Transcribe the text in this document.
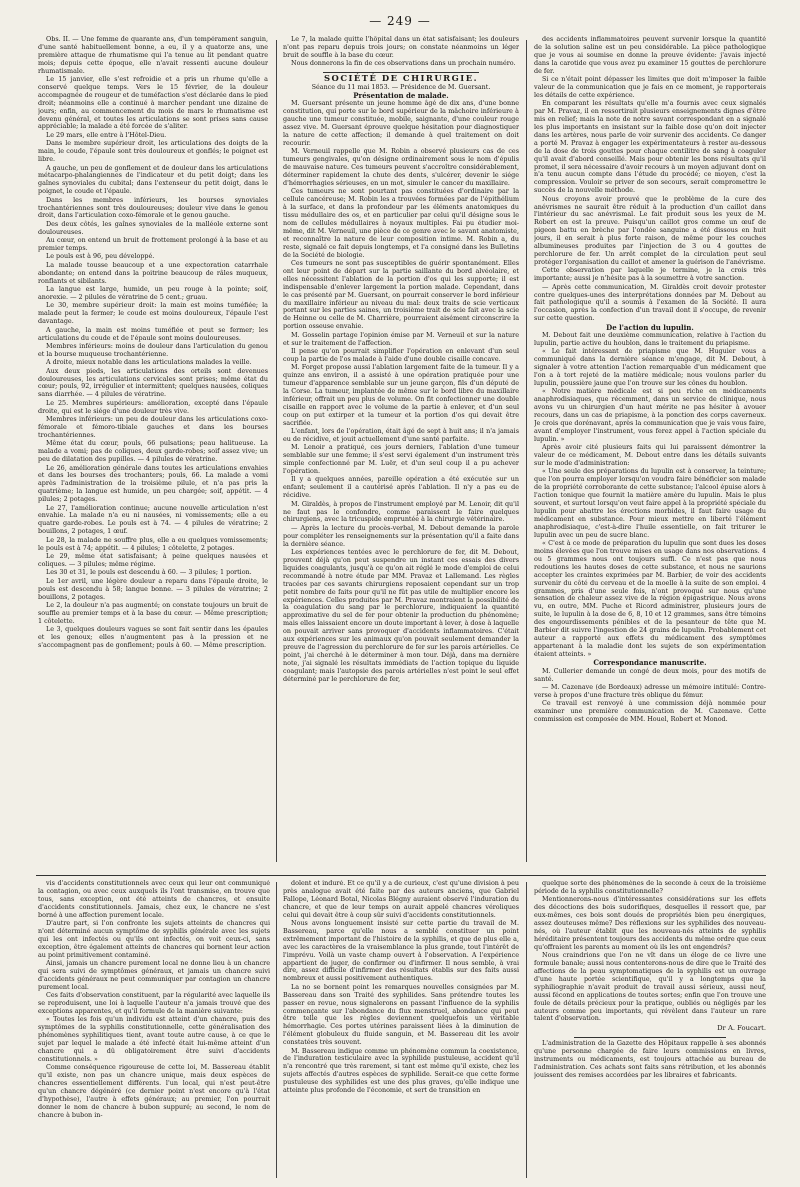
— 249 —

Obs. II. — Une femme de quarante ans, d'un tempérament sanguin, d'une santé habituellement bonne, a eu, il y a quatorze ans, une première attaque de rhumatisme qui l'a tenue au lit pendant quatre mois; depuis cette époque, elle n'avait ressenti aucune douleur rhumatismale.

Le 15 janvier, elle s'est refroidie et a pris un rhume qu'elle a conservé quelque temps. Vers le 15 février, de la douleur accompagnée de rougeur et de tuméfaction s'est déclarée dans le pied droit; néanmoins elle a continué à marcher pendant une dizaine de jours; enfin, au commencement du mois de mars le rhumatisme est devenu général, et toutes les articulations se sont prises sans cause appréciable; la malade a été forcée de s'aliter.

Le 29 mars, elle entre à l'Hôtel-Dieu.

Dans le membre supérieur droit, les articulations des doigts de la main, le coude, l'épaule sont très douloureux et gonflés; le poignet est libre.

A gauche, un peu de gonflement et de douleur dans les articulations métacarpo-phalangiennes de l'indicateur et du petit doigt; dans les gaînes synoviales du cubital; dans l'extenseur du petit doigt, dans le poignet, le coude et l'épaule.

Dans les membres inférieurs, les bourses synoviales trochantériennes sont très douloureuses; douleur vive dans le genou droit, dans l'articulation coxo-fémorale et le genou gauche.

Des deux côtés, les gaînes synoviales de la malléole externe sont douloureuses.

Au cœur, on entend un bruit de frottement prolongé à la base et au premier temps.

Le pouls est à 96, peu développé.

La malade tousse beaucoup et a une expectoration catarrhale abondante; on entend dans la poitrine beaucoup de râles muqueux, ronflants et sibilants.

La langue est large, humide, un peu rouge à la pointe; soif, anorexie. — 2 pilules de vératrine de 5 cent.; gruau.

Le 30, membre supérieur droit: la main est moins tuméfiée; la malade peut la fermer; le coude est moins douloureux, l'épaule l'est davantage.

A gauche, la main est moins tuméfiée et peut se fermer; les articulations du coude et de l'épaule sont moins douloureuses.

Membres inférieurs: moins de douleur dans l'articulation du genou et la bourse muqueuse trochantérienne.

A droite, mieux notable dans les articulations malades la veille.

Aux deux pieds, les articulations des orteils sont devenues douloureuses, les articulations cervicales sont prises; même état du cœur; pouls, 92, irrégulier et intermittent; quelques nausées, coliques sans diarrhée. — 4 pilules de vératrine.

Le 25. Membres supérieurs: amélioration, excepté dans l'épaule droite, qui est le siége d'une douleur très vive.

Membres inférieurs: un peu de douleur dans les articulations coxo-fémorale et fémoro-tibiale gauches et dans les bourses trochantériennes.

Même état du cœur, pouls, 66 pulsations; peau halitueuse. La malade a vomi; pas de coliques, deux garde-robes; soif assez vive; un peu de dilatation des pupilles. — 4 pilules de vératrine.

Le 26, amélioration générale dans toutes les articulations envahies et dans les bourses des trochanters; pouls, 66. La malade a vomi après l'administration de la troisième pilule, et n'a pas pris la quatrième; la langue est humide, un peu chargée; soif, appétit. — 4 pilules; 2 potages.

Le 27, l'amélioration continue; aucune nouvelle articulation n'est envahie. La malade n'a eu ni nausées, ni vomissements; elle a eu quatre garde-robes. Le pouls est à 74. — 4 pilules de vératrine; 2 bouillons, 2 potages, 1 œuf.

Le 28, la malade ne souffre plus, elle a eu quelques vomissements; le pouls est à 74; appétit. — 4 pilules; 1 côtelette, 2 potages.

Le 29, même état satisfaisant; à peine quelques nausées et coliques. — 3 pilules; même régime.

Les 30 et 31, le pouls est descendu à 60. — 3 pilules; 1 portion.

Le 1er avril, une légère douleur a reparu dans l'épaule droite, le pouls est descendu à 58; langue bonne. — 3 pilules de vératrine; 2 bouillons, 2 potages.

Le 2, la douleur n'a pas augmenté; on constate toujours un bruit de souffle au premier temps et à la base du cœur. — Même prescription; 1 côtelette.

Le 3, quelques douleurs vagues se sont fait sentir dans les épaules et les genoux; elles n'augmentent pas à la pression et ne s'accompagnent pas de gonflement; pouls à 60. — Même prescription.

Le 7, la malade quitte l'hôpital dans un état satisfaisant; les douleurs n'ont pas reparu depuis trois jours; on constate néanmoins un léger bruit de souffle à la base du cœur.

Nous donnerons la fin de ces observations dans un prochain numéro.

SOCIÉTÉ DE CHIRURGIE.

Séance du 11 mai 1853. — Présidence de M. Guersant.

Présentation de malade.

M. Guersant présente un jeune homme âgé de dix ans, d'une bonne constitution, qui porte sur le bord supérieur de la mâchoire inférieure à gauche une tumeur constituée, mobile, saignante, d'une couleur rouge assez vive. M. Guersant éprouve quelque hésitation pour diagnostiquer la nature de cette affection; il demande à quel traitement on doit recourir.

M. Verneuil rappelle que M. Robin a observé plusieurs cas de ces tumeurs gengivales, qu'on désigne ordinairement sous le nom d'épulis de mauvaise nature. Ces tumeurs peuvent s'accroître considérablement, déterminer rapidement la chute des dents, s'ulcérer, devenir le siége d'hémorrhagies sérieuses, en un mot, simuler le cancer du maxillaire.

Ces tumeurs ne sont pourtant pas constituées d'ordinaire par la cellule cancéreuse; M. Robin les a trouvées formées par de l'épithélium à la surface, et dans la profondeur par les éléments anatomiques du tissu médullaire des os, et en particulier par celui qu'il désigne sous le nom de cellules médullaires à noyaux multiples. Fai pu étudier moi-même, dit M. Verneuil, une pièce de ce genre avec le savant anatomiste, et reconnaître la nature de leur composition intime. M. Robin a, du reste, signalé ce fait depuis longtemps, et l'a consigné dans les Bulletins de la Société de biologie.

Ces tumeurs ne sont pas susceptibles de guérir spontanément. Elles ont leur point de départ sur la partie saillante du bord alvéolaire, et elles nécessitent l'ablation de la portion d'os qui les supporte; il est indispensable d'enlever largement la portion malade. Cependant, dans le cas présenté par M. Guersant, on pourrait conserver le bord inférieur du maxillaire inférieur au niveau du mal: deux traits de scie verticaux portant sur les parties saines, un troisième trait de scie fait avec la scie de Heinne ou celle de M. Charrière, pourraient aisément circonscrire la portion osseuse envahie.

M. Gosselin partage l'opinion émise par M. Verneuil et sur la nature et sur le traitement de l'affection.

Il pense qu'on pourrait simplifier l'opération en enlevant d'un seul coup la partie de l'os malade à l'aide d'une double cisaille concave.

M. Forget propose aussi l'ablation largement faite de la tumeur. Il y a quinze ans environ, il a assisté à une opération pratiquée pour une tumeur d'apparence semblable sur un jeune garçon, fils d'un député de la Corse. La tumeur, implantée de même sur le bord libre du maxillaire inférieur, offrait un peu plus de volume. On fit confectionner une double cisaille en rapport avec le volume de la partie à enlever, et d'un seul coup on put extirper et la tumeur et la portion d'os qui devait être sacrifiée.

L'enfant, lors de l'opération, était âgé de sept à huit ans; il n'a jamais eu de récidive, et jouit actuellement d'une santé parfaite.

M. Lenoir a pratiqué, ces jours derniers, l'ablation d'une tumeur semblable sur une femme; il s'est servi également d'un instrument très simple confectionné par M. Luër, et d'un seul coup il a pu achever l'opération.

Il y a quelques années, pareille opération a été exécutée sur un enfant; seulement il a cautérisé après l'ablation. Il n'y a pas eu de récidive.

M. Giraldès, à propos de l'instrument employé par M. Lenoir, dit qu'il ne faut pas le confondre, comme paraissent le faire quelques chirurgiens, avec la tricuspide empruntée à la chirurgie vétérinaire.

— Après la lecture du procès-verbal, M. Debout demande la parole pour compléter les renseignements sur la présentation qu'il a faite dans la dernière séance.

Les expériences tentées avec le perchlorure de fer, dit M. Debout, prouvent déjà qu'on peut suspendre un instant ces essais des divers liquides coagulants, jusqu'à ce qu'on ait réglé le mode d'emploi de celui recommandé à notre étude par MM. Pravaz et Lallemand. Les règles tracées par ces savants chirurgiens reposaient cependant sur un trop petit nombre de faits pour qu'il ne fût pas utile de multiplier encore les expériences. Celles produites par M. Pravaz montraient la possibilité de la coagulation du sang par le perchlorure, indiquaient la quantité approximative du sel de fer pour obtenir la production du phénomène; mais elles laissaient encore un doute important à lever, à dose à laquelle on pouvait arriver sans provoquer d'accidents inflammatoires. C'était aux expériences sur les animaux qu'on pouvait seulement demander la preuve de l'agression du perchlorure de fer sur les parois artérielles. Ce point, j'ai cherché à le déterminer à mon tour. Déjà, dans ma dernière note, j'ai signalé les résultats immédiats de l'action topique du liquide coagulant; mais l'autopsie des parois artérielles n'est point le seul effet déterminé par le perchlorure de fer,

des accidents inflammatoires peuvent survenir lorsque la quantité de la solution saline est un peu considérable. La pièce pathologique que je vous ai soumise en donne la preuve évidente: j'avais injecté dans la carotide que vous avez pu examiner 15 gouttes de perchlorure de fer.

Si ce n'était point dépasser les limites que doit m'imposer la faible valeur de la communication que je fais en ce moment, je rapporterais les détails de cette expérience.

En comparant les résultats qu'elle m'a fournis avec ceux signalés par M. Pravaz, il en ressortirait plusieurs enseignements dignes d'être mis en relief; mais la note de notre savant correspondant en a signalé les plus importants en insistant sur la faible dose qu'on doit injecter dans les artères, nous parle de voir survenir des accidents. Ce danger a porté M. Pravaz à engager les expérimentateurs à rester au-dessous de la dose de trois gouttes pour chaque centilitre de sang à coaguler qu'il avait d'abord conseillé. Mais pour obtenir les bons résultats qu'il promet, il sera nécessaire d'avoir recours à un moyen adjuvant dont on n'a tenu aucun compte dans l'étude du procédé; ce moyen, c'est la compression. Vouloir se priver de son secours, serait compromettre le succès de la nouvelle méthode.

Nous croyons avoir prouvé que le problème de la cure des anévrismes ne saurait être réduit à la production d'un caillot dans l'intérieur du sac anévrismal. Le fait produit sous les yeux de M. Robert en est la preuve. Puisqu'un caillot gros comme un œuf de pigeon battu en brèche par l'ondée sanguine a été dissous en huit jours, il en serait à plus forte raison, de même pour les couches albumineuses produites par l'injection de 3 ou 4 gouttes de perchlorure de fer. Un arrêt complet de la circulation peut seul protéger l'organisation du caillot et amener la guérison de l'anévrisme.

Cette observation par laquelle je termine, je la crois très importante; aussi je n'hésite pas à la soumettre à votre sanction.

— Après cette communication, M. Giraldès croit devoir protester contre quelques-unes des interprétations données par M. Debout au fait pathologique qu'il a soumis à l'examen de la Société. Il aura l'occasion, après la confection d'un travail dont il s'occupe, de revenir sur cette question.

De l'action du lupulin.

M. Debout fait une deuxième communication, relative à l'action du lupulin, partie active du houblon, dans le traitement du priapisme.

« Le fait intéressant de priapisme que M. Huguier vous a communiqué dans la dernière séance m'engage, dit M. Debout, à signaler à votre attention l'action remarquable d'un médicament que l'on a à tort rejeté de la matière médicale; nous voulons parler du lupulin, poussière jaune que l'on trouve sur les cônes du houblon.

« Notre matière médicale est si peu riche en médicaments anaphrodisiaques, que récemment, dans un service de clinique, nous avons vu un chirurgien d'un haut mérite ne pas hésiter à avouer recours, dans un cas de priapisme, à la ponction des corps caverneux. Je crois que dorénavant, après la communication que je vais vous faire, avant d'employer l'instrument, vous ferez appel à l'action spéciale du lupulin. »

Après avoir cité plusieurs faits qui lui paraissent démontrer la valeur de ce médicament, M. Debout entre dans les détails suivants sur le mode d'administration:

« Une seule des préparations du lupulin est à conserver, la teinture; que l'on pourra employer lorsqu'on voudra faire bénéficier son malade de la propriété corroborante de cette substance; l'alcool épuise alors à l'action tonique que fournit la matière amère du lupulin. Mais le plus souvent, et surtout lorsqu'on veut faire appel à la propriété spéciale du lupulin pour abattre les érections morbides, il faut faire usage du médicament en substance. Pour mieux mettre en liberté l'élément anaphrodisiaque, c'est-à-dire l'huile essentielle, on fait triturer le lupulin avec un peu de sucre blanc.

« C'est à ce mode de préparation du lupulin que sont dues les doses moins élevées que l'on trouve mises en usage dans nos observations. 4 ou 5 grammes nous ont toujours suffi. Ce n'est pas que nous redoutions les hautes doses de cette substance, et nous ne saurions accepter les craintes exprimées par M. Barbier, de voir des accidents survenir du côté du cerveau et de la moelle à la suite de son emploi. 4 grammes, pris d'une seule fois, n'ont provoqué sur nous qu'une sensation de chaleur assez vive de la région épigastrique. Nous avons vu, en outre, MM. Puche et Ricord administrer, plusieurs jours de suite, le lupulin à la dose de 6, 8, 10 et 12 grammes, sans être témoins des engourdissements pénibles et de la pesanteur de tête que M. Barbier dit suivre l'ingestion de 24 grains de lupulin. Probablement cet auteur a rapporté aux effets du médicament des symptômes appartenant à la maladie dont les sujets de son expérimentation étaient atteints. »

Correspondance manuscrite.

M. Cullerier demande un congé de deux mois, pour des motifs de santé.

— M. Cazenave (de Bordeaux) adresse un mémoire intitulé: Contre-verse à propos d'une fracture très oblique du fémur.

Ce travail est renvoyé à une commission déjà nommée pour examiner une première communication de M. Cazenave. Cette commission est composée de MM. Houel, Robert et Monod.

vis d'accidents constitutionnels avec ceux qui leur ont communiqué la contagion, ou avec ceux auxquels ils l'ont transmise, en trouve que tous, sans exception, ont été atteints de chancres, et ensuite d'accidents constitutionnels. Jamais, chez eux, le chancre ne s'est borné à une affection purement locale.

D'autre part, si l'on confronte les sujets atteints de chancres qui n'ont déterminé aucun symptôme de syphilis générale avec les sujets qui les ont infectés ou qu'ils ont infectés, on voit ceux-ci, sans exception, être également atteints de chancres qui bornent leur action au point primitivement contaminé.

Ainsi, jamais un chancre purement local ne donne lieu à un chancre qui sera suivi de symptômes généraux, et jamais un chancre suivi d'accidents généraux ne peut communiquer par contagion un chancre purement local.

Ces faits d'observation constituent, par la régularité avec laquelle ils se reproduisent, une loi à laquelle l'auteur n'a jamais trouvé que des exceptions apparentes, et qu'il formule de la manière suivante:

« Toutes les fois qu'un individu est atteint d'un chancre, puis des symptômes de la syphilis constitutionnelle, cette généralisation des phénomènes syphilitiques tient, avant toute autre cause, à ce que le sujet par lequel le malade a été infecté était lui-même atteint d'un chancre qui a dû obligatoirement être suivi d'accidents constitutionnels. »

Comme conséquence rigoureuse de cette loi, M. Bassereau établit qu'il existe, non pas un chancre unique, mais deux espèces de chancres essentiellement différents. l'un local, qui n'est peut-être qu'un chancre dégénéré (ce dernier point n'est encore qu'à l'état d'hypothèse), l'autre à effets généraux; au premier, l'on pourrait donner le nom de chancre à bubon suppuré; au second, le nom de chancre à bubon in-

dolent et induré. Et ce qu'il y a de curieux, c'est qu'une division à peu près analogue avait été faite par des auteurs anciens, que Gabriel Fallope, Léonard Botal, Nicolas Blégny auraient observé l'induration du chancre, et que de leur temps on aurait appelé chancres véroliques celui qui devait être à coup sûr suivi d'accidents constitutionnels.

Nous avons longuement insisté sur cette partie du travail de M. Bassereau, parce qu'elle nous a semblé constituer un point extrêmement important de l'histoire de la syphilis, et que de plus elle a, avec les caractères de la vraisemblance la plus grande, tout l'intérêt de l'imprévu. Voilà un vaste champ ouvert à l'observation. A l'expérience appartient de juger, de confirmer ou d'infirmer. Il nous semble, à vrai dire, assez difficile d'infirmer des résultats établis sur des faits aussi nombreux et aussi positivement authentiques.

La no se bornent point les remarques nouvelles consignées par M. Bassereau dans son Traité des syphilides. Sans prétendre toutes les passer en revue, nous signalerons en passant l'influence de la syphilis commençante sur l'abondance du flux menstruel, abondance qui peut être telle que les règles deviennent quelquefois un véritable hémorrhagie. Ces portes utérines paraissent liées à la diminution de l'élément globuleux du fluide sanguin, et M. Bassereau dit les avoir constatées très souvent.

M. Bassereau indique comme un phénomène commun la coexistence, de l'induration testiculaire avec la syphilide pustuleuse, accident qu'il n'a rencontré que très rarement, si tant est même qu'il existe, chez les sujets affectés d'autres espèces de syphilide. Serait-ce que cette forme pustuleuse des syphilides est une des plus graves, qu'elle indique une atteinte plus profonde de l'économie, et sert de transition en

quelque sorte des phénomènes de la seconde à ceux de la troisième période de la syphilis constitutionnelle?

Mentionnerons-nous d'intéressantes considérations sur les effets des décoctions des bois sudorifiques, desquelles il ressort que, par eux-mêmes, ces bois sont doués de propriétés bien peu énergiques, assez douteuses même? Des réflexions sur les syphilides des nouveau-nés, où l'auteur établit que les nouveau-nés atteints de syphilis héréditaire présentent toujours des accidents du même ordre que ceux qu'offraient les parents au moment où ils les ont engendrés?

Nous craindrions que l'on ne vît dans un éloge de ce livre une formule banale; aussi nous contenterons-nous de dire que le Traité des affections de la peau symptomatiques de la syphilis est un ouvrage d'une haute portée scientifique, qu'il y a longtemps que la syphiliographie n'avait produit de travail aussi sérieux, aussi neuf, aussi fécond en applications de toutes sortes; enfin que l'on trouve une foule de détails précieux pour la pratique, oubliés ou négligés par les auteurs comme peu importants, qui révèlent dans l'auteur un rare talent d'observation.

Dr A. Foucart.

L'administration de la Gazette des Hôpitaux rappelle à ses abonnés qu'une personne chargée de faire leurs commissions en livres, instruments ou médicaments, est toujours attachée au bureau de l'administration. Ces achats sont faits sans rétribution, et les abonnés jouissent des remises accordées par les libraires et fabricants.
